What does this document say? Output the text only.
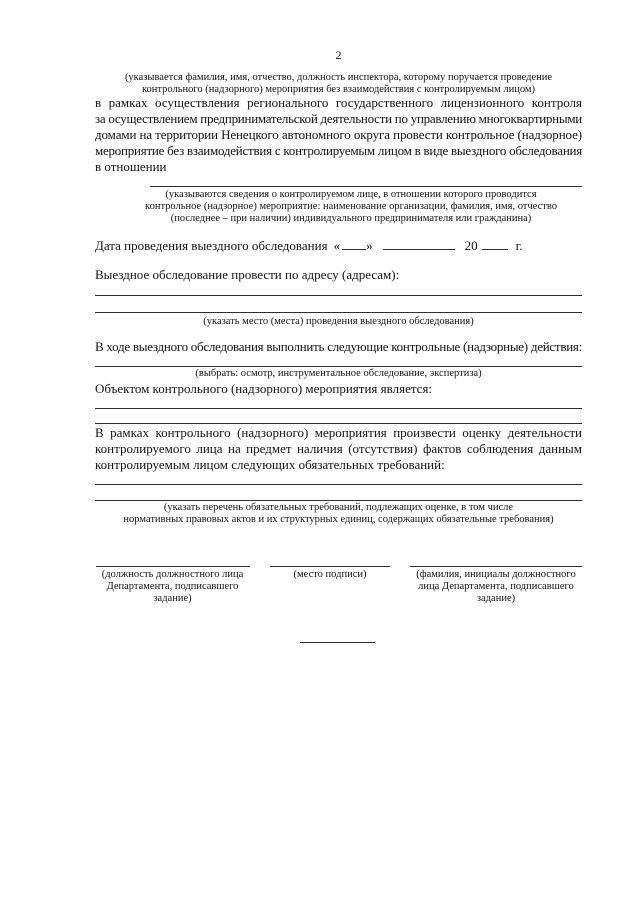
2
(указывается фамилия, имя, отчество, должность инспектора, которому поручается проведение
контрольного (надзорного) мероприятия без взаимодействия с контролируемым лицом)
в рамках осуществления регионального государственного лицензионного контроля
за осуществлением предпринимательской деятельности по управлению многоквартирными
домами на территории Ненецкого автономного округа провести контрольное (надзорное)
мероприятие без взаимодействия с контролируемым лицом в виде выездного обследования
в отношении
(указываются сведения о контролируемом лице, в отношении которого проводится
контрольное (надзорное) мероприятие: наименование организации, фамилия, имя, отчество
(последнее – при наличии) индивидуального предпринимателя или гражданина)
Дата проведения выездного обследования « »	20	г.
Выездное обследование провести по адресу (адресам):
(указать место (места) проведения выездного обследования)
В ходе выездного обследования выполнить следующие контрольные (надзорные) действия:
(выбрать: осмотр, инструментальное обследование, экспертиза)
Объектом контрольного (надзорного) мероприятия является:
В рамках контрольного (надзорного) мероприятия произвести оценку деятельности
контролируемого лица на предмет наличия (отсутствия) фактов соблюдения данным
контролируемым лицом следующих обязательных требований:
(указать перечень обязательных требований, подлежащих оценке, в том числе
нормативных правовых актов и их структурных единиц, содержащих обязательные требования)
(должность должностного лица
Департамента, подписавшего
задание)
(место подписи)	(фамилия, инициалы должностного
лица Департамента, подписавшего
задание)
